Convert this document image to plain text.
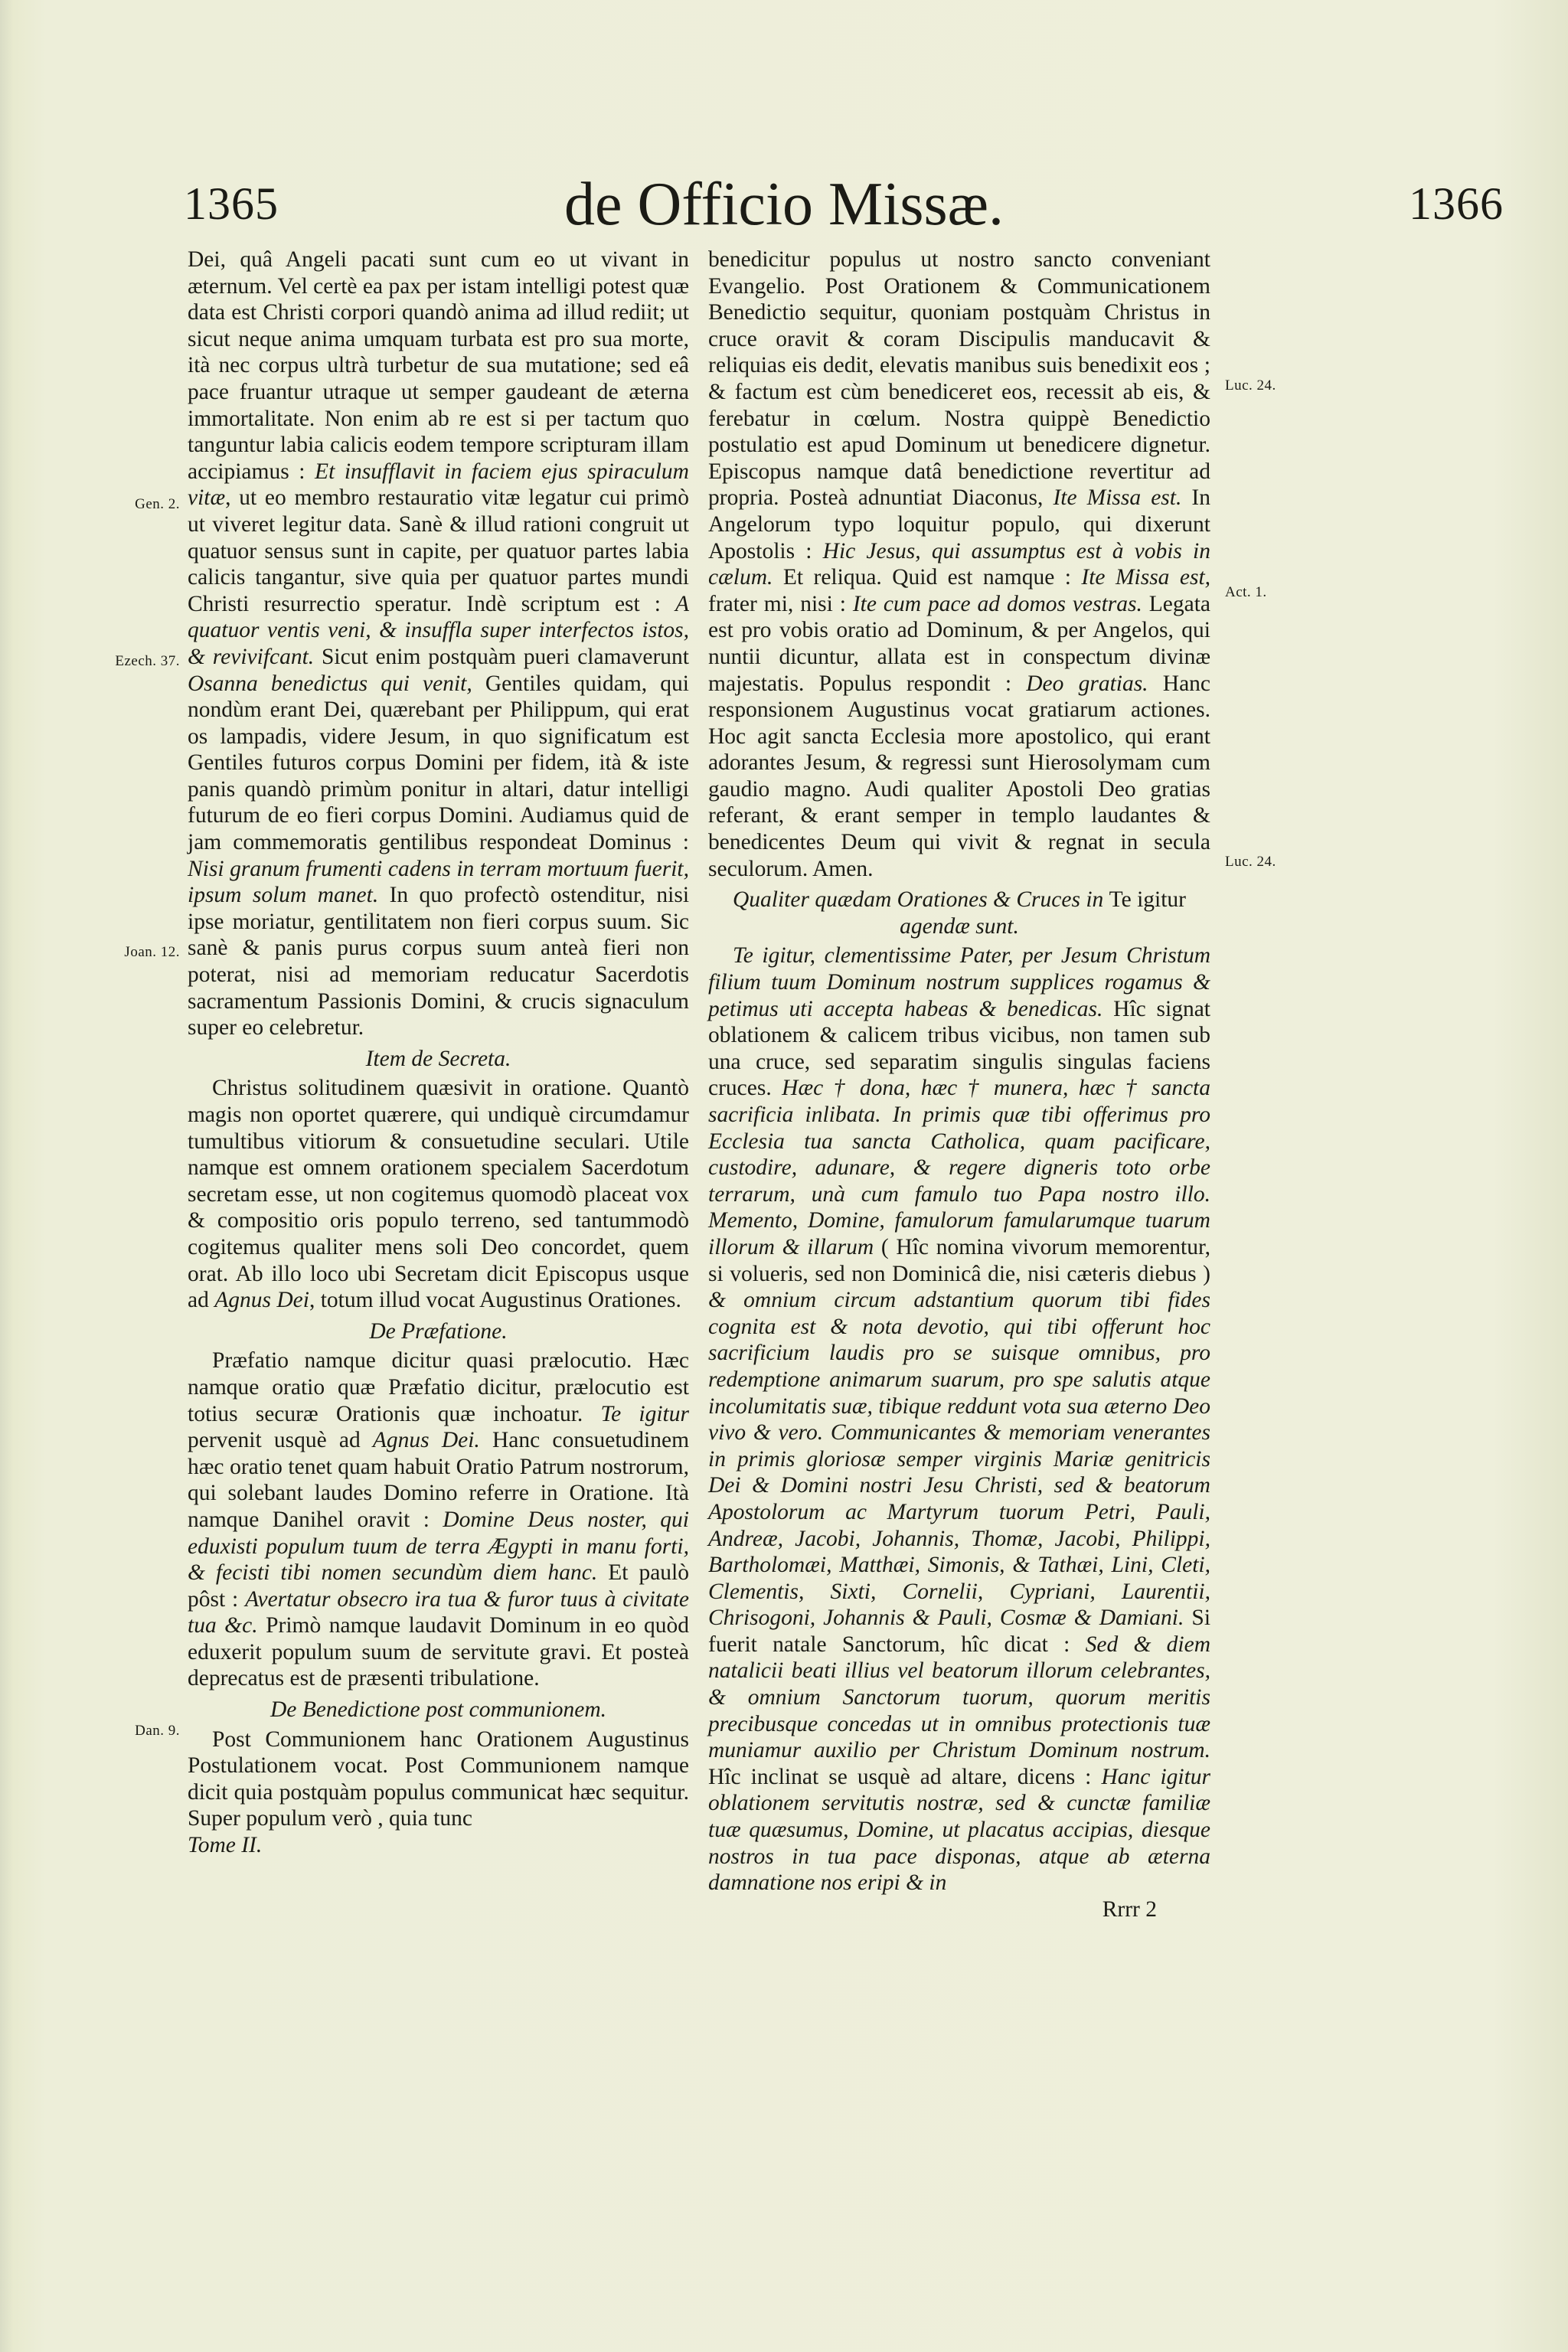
1365	de Officio Missæ.	1366
Gen. 2.
Ezech. 37.
Joan. 12.
Dan. 9.
Luc. 24.
Act. 1.
Luc. 24.

Dei, quâ Angeli pacati sunt cum eo ut vivant in æternum. Vel certè ea pax per istam intelligi potest quæ data est Christi corpori quandò anima ad illud rediit; ut sicut neque anima umquam turbata est pro sua morte, ità nec corpus ultrà turbetur de sua mutatione; sed eâ pace fruantur utraque ut semper gaudeant de æterna immortalitate. Non enim ab re est si per tactum quo tanguntur labia calicis eodem tempore scripturam illam accipiamus : Et insufflavit in faciem ejus spiraculum vitæ, ut eo membro restauratio vitæ legatur cui primò ut viveret legitur data. Sanè & illud rationi congruit ut quatuor sensus sunt in capite, per quatuor partes labia calicis tangantur, sive quia per quatuor partes mundi Christi resurrectio speratur. Indè scriptum est : A quatuor ventis veni, & insuffla super interfectos istos, & revivifcant. Sicut enim postquàm pueri clamaverunt Osanna benedictus qui venit, Gentiles quidam, qui nondùm erant Dei, quærebant per Philippum, qui erat os lampadis, videre Jesum, in quo significatum est Gentiles futuros corpus Domini per fidem, ità & iste panis quandò primùm ponitur in altari, datur intelligi futurum de eo fieri corpus Domini. Audiamus quid de jam commemoratis gentilibus respondeat Dominus : Nisi granum frumenti cadens in terram mortuum fuerit, ipsum solum manet. In quo profectò ostenditur, nisi ipse moriatur, gentilitatem non fieri corpus suum. Sic sanè & panis purus corpus suum anteà fieri non poterat, nisi ad memoriam reducatur Sacerdotis sacramentum Passionis Domini, & crucis signaculum super eo celebretur.

Item de Secreta.

Christus solitudinem quæsivit in oratione. Quantò magis non oportet quærere, qui undiquè circumdamur tumultibus vitiorum & consuetudine seculari. Utile namque est omnem orationem specialem Sacerdotum secretam esse, ut non cogitemus quomodò placeat vox & compositio oris populo terreno, sed tantummodò cogitemus qualiter mens soli Deo concordet, quem orat. Ab illo loco ubi Secretam dicit Episcopus usque ad Agnus Dei, totum illud vocat Augustinus Orationes.

De Præfatione.

Præfatio namque dicitur quasi prælocutio. Hæc namque oratio quæ Præfatio dicitur, prælocutio est totius securæ Orationis quæ inchoatur. Te igitur pervenit usquè ad Agnus Dei. Hanc consuetudinem hæc oratio tenet quam habuit Oratio Patrum nostrorum, qui solebant laudes Domino referre in Oratione. Ità namque Danihel oravit : Domine Deus noster, qui eduxisti populum tuum de terra Ægypti in manu forti, & fecisti tibi nomen secundùm diem hanc. Et paulò pôst : Avertatur obsecro ira tua & furor tuus à civitate tua &c. Primò namque laudavit Dominum in eo quòd eduxerit populum suum de servitute gravi. Et posteà deprecatus est de præsenti tribulatione.

De Benedictione post communionem.

Post Communionem hanc Orationem Augustinus Postulationem vocat. Post Communionem namque dicit quia postquàm populus communicat hæc sequitur. Super populum verò , quia tunc

Tome II.

benedicitur populus ut nostro sancto conveniant Evangelio. Post Orationem & Communicationem Benedictio sequitur, quoniam postquàm Christus in cruce oravit & coram Discipulis manducavit & reliquias eis dedit, elevatis manibus suis benedixit eos ; & factum est cùm benediceret eos, recessit ab eis, & ferebatur in cœlum. Nostra quippè Benedictio postulatio est apud Dominum ut benedicere dignetur. Episcopus namque datâ benedictione revertitur ad propria. Posteà adnuntiat Diaconus, Ite Missa est. In Angelorum typo loquitur populo, qui dixerunt Apostolis : Hic Jesus, qui assumptus est à vobis in cælum. Et reliqua. Quid est namque : Ite Missa est, frater mi, nisi : Ite cum pace ad domos vestras. Legata est pro vobis oratio ad Dominum, & per Angelos, qui nuntii dicuntur, allata est in conspectum divinæ majestatis. Populus respondit : Deo gratias. Hanc responsionem Augustinus vocat gratiarum actiones. Hoc agit sancta Ecclesia more apostolico, qui erant adorantes Jesum, & regressi sunt Hierosolymam cum gaudio magno. Audi qualiter Apostoli Deo gratias referant, & erant semper in templo laudantes & benedicentes Deum qui vivit & regnat in secula seculorum. Amen.

Qualiter quædam Orationes & Cruces in Te igitur
agendæ sunt.

Te igitur, clementissime Pater, per Jesum Christum filium tuum Dominum nostrum supplices rogamus & petimus uti accepta habeas & benedicas. Hîc signat oblationem & calicem tribus vicibus, non tamen sub una cruce, sed separatim singulis singulas faciens cruces. Hæc † dona, hæc † munera, hæc † sancta sacrificia inlibata. In primis quæ tibi offerimus pro Ecclesia tua sancta Catholica, quam pacificare, custodire, adunare, & regere digneris toto orbe terrarum, unà cum famulo tuo Papa nostro illo. Memento, Domine, famulorum famularumque tuarum illorum & illarum ( Hîc nomina vivorum memorentur, si volueris, sed non Dominicâ die, nisi cæteris diebus ) & omnium circum adstantium quorum tibi fides cognita est & nota devotio, qui tibi offerunt hoc sacrificium laudis pro se suisque omnibus, pro redemptione animarum suarum, pro spe salutis atque incolumitatis suæ, tibique reddunt vota sua æterno Deo vivo & vero. Communicantes & memoriam venerantes in primis gloriosæ semper virginis Mariæ genitricis Dei & Domini nostri Jesu Christi, sed & beatorum Apostolorum ac Martyrum tuorum Petri, Pauli, Andreæ, Jacobi, Johannis, Thomæ, Jacobi, Philippi, Bartholomæi, Matthæi, Simonis, & Tathæi, Lini, Cleti, Clementis, Sixti, Cornelii, Cypriani, Laurentii, Chrisogoni, Johannis & Pauli, Cosmæ & Damiani. Si fuerit natale Sanctorum, hîc dicat : Sed & diem natalicii beati illius vel beatorum illorum celebrantes, & omnium Sanctorum tuorum, quorum meritis precibusque concedas ut in omnibus protectionis tuæ muniamur auxilio per Christum Dominum nostrum. Hîc inclinat se usquè ad altare, dicens : Hanc igitur oblationem servitutis nostræ, sed & cunctæ familiæ tuæ quæsumus, Domine, ut placatus accipias, diesque nostros in tua pace disponas, atque ab æterna damnatione nos eripi & in

Rrrr 2
